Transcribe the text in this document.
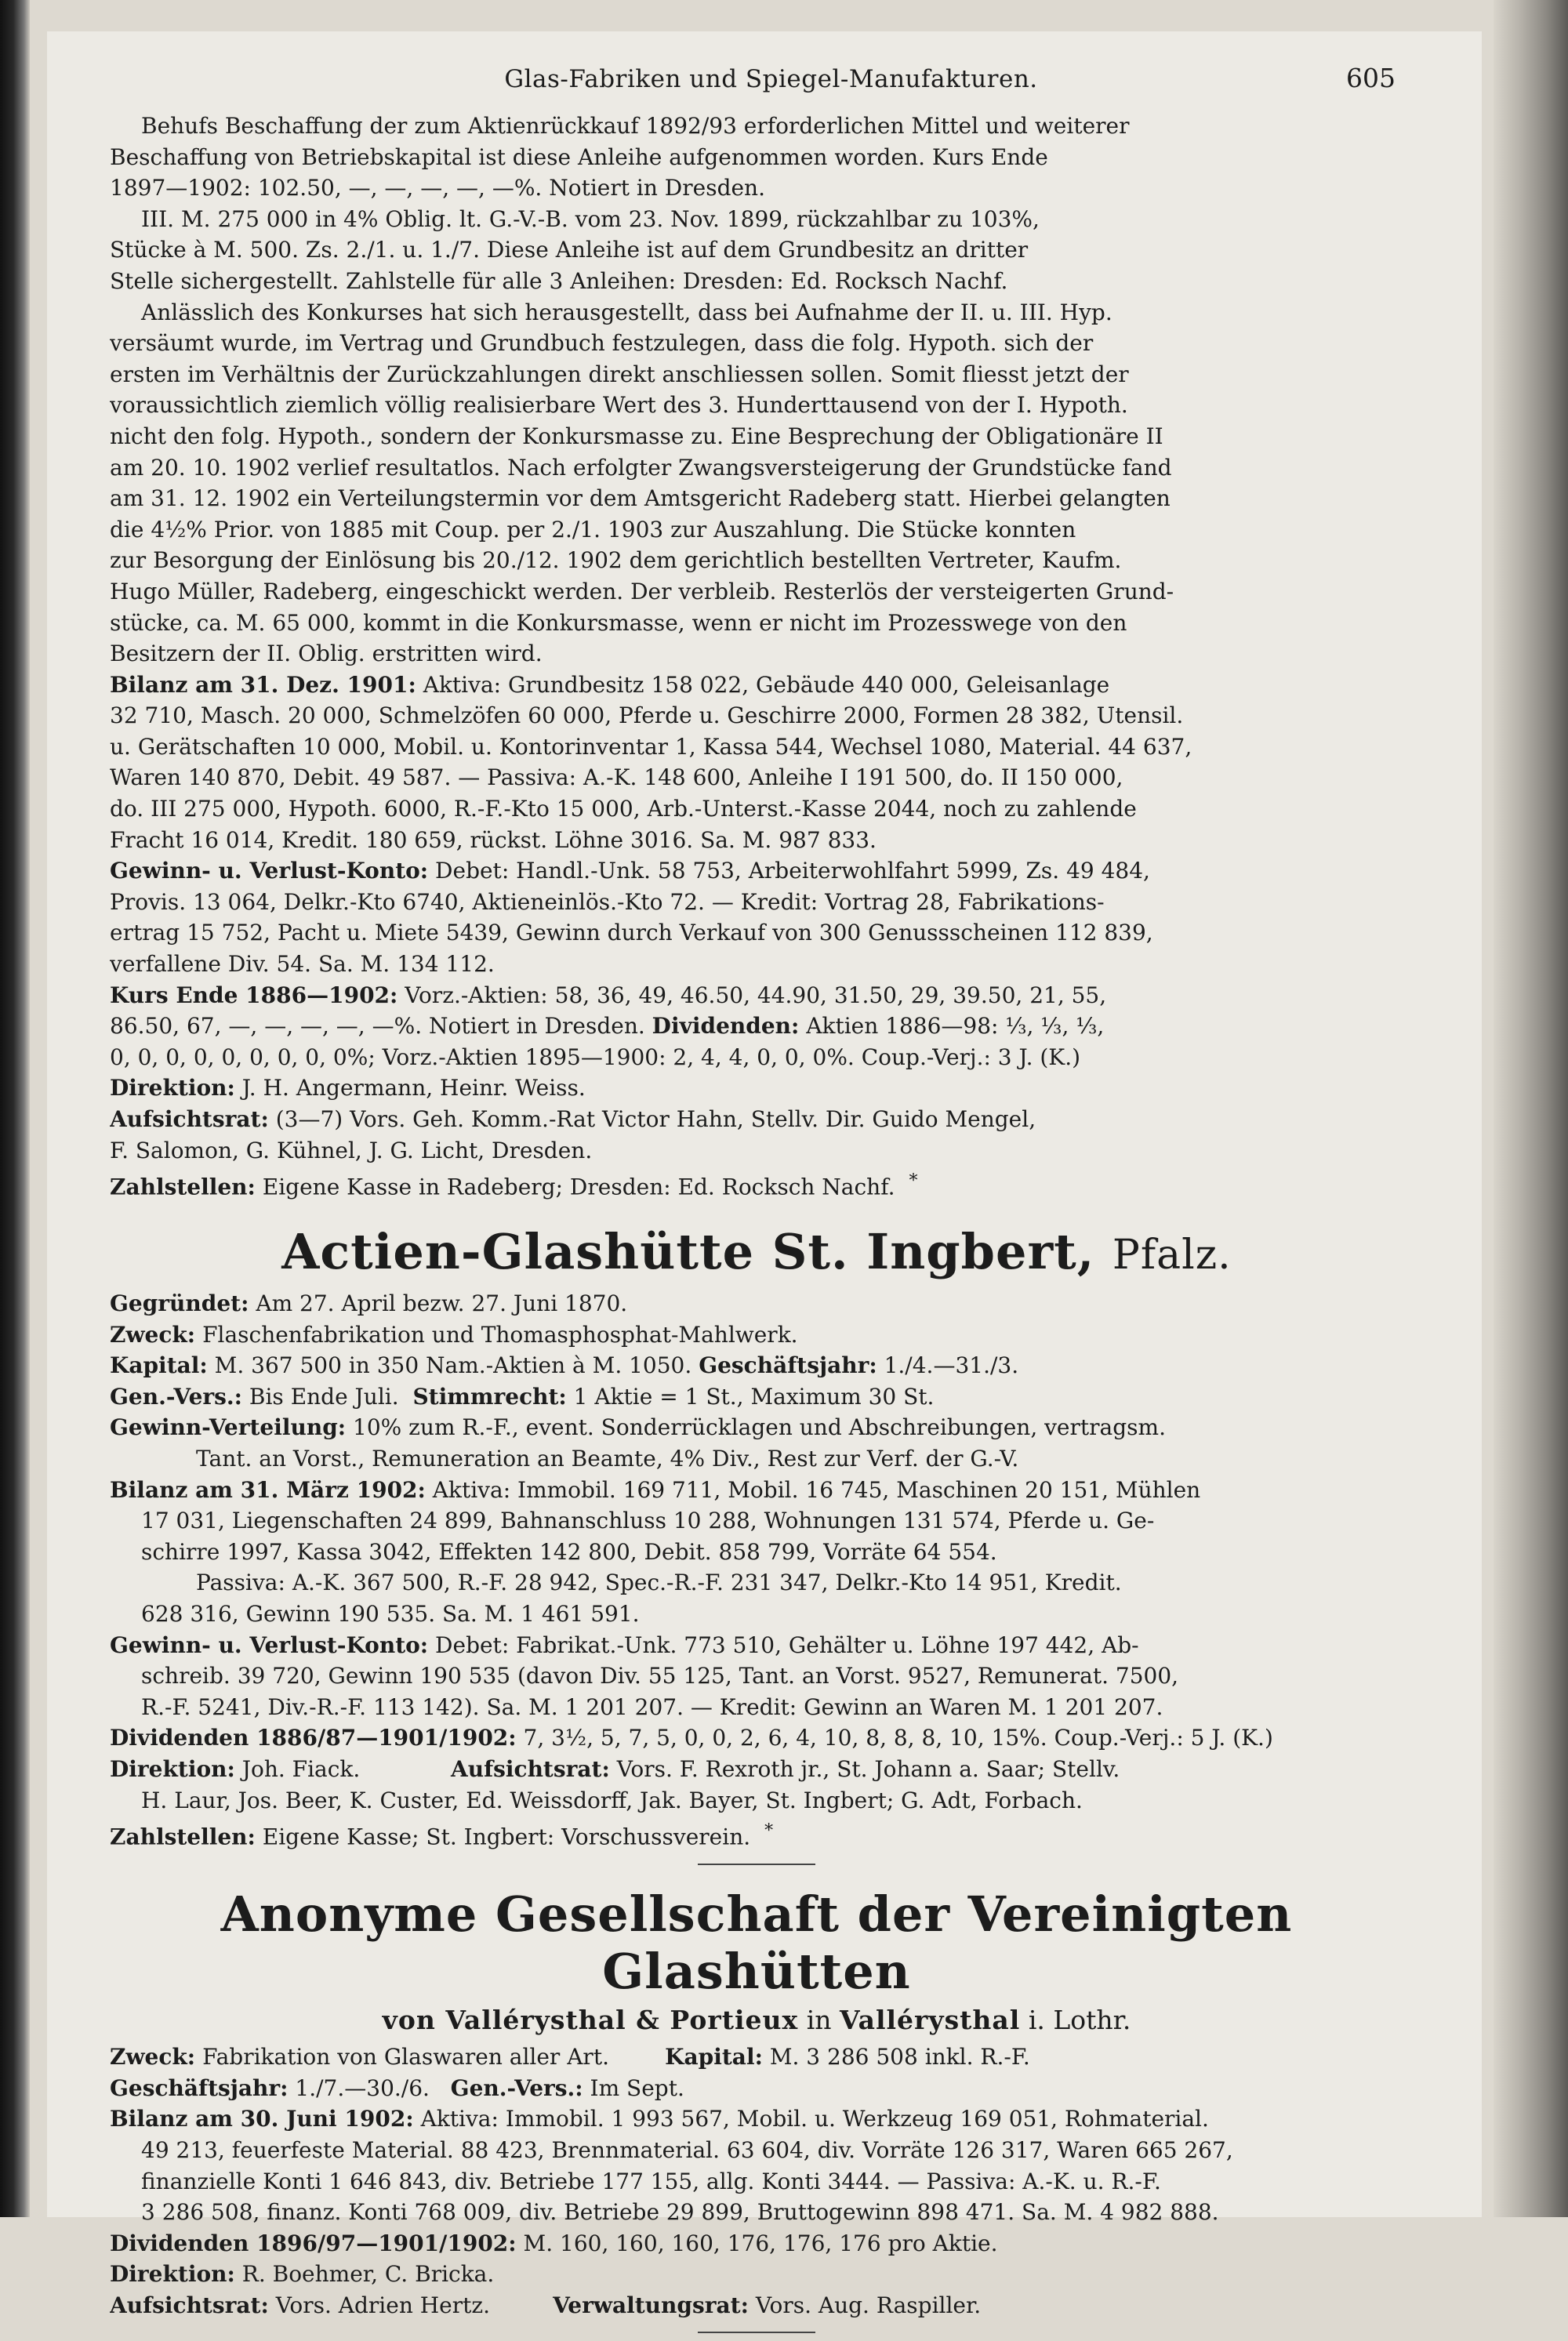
Glas-Fabriken und Spiegel-Manufakturen.	605
Behufs Beschaffung der zum Aktienrückkauf 1892/93 erforderlichen Mittel und weiterer
Beschaffung von Betriebskapital ist diese Anleihe aufgenommen worden. Kurs Ende
1897—1902: 102.50, —, —, —, —, —%. Notiert in Dresden.
III. M. 275 000 in 4% Oblig. lt. G.-V.-B. vom 23. Nov. 1899, rückzahlbar zu 103%,
Stücke à M. 500. Zs. 2./1. u. 1./7. Diese Anleihe ist auf dem Grundbesitz an dritter
Stelle sichergestellt. Zahlstelle für alle 3 Anleihen: Dresden: Ed. Rocksch Nachf.
Anlässlich des Konkurses hat sich herausgestellt, dass bei Aufnahme der II. u. III. Hyp.
versäumt wurde, im Vertrag und Grundbuch festzulegen, dass die folg. Hypoth. sich der
ersten im Verhältnis der Zurückzahlungen direkt anschliessen sollen. Somit fliesst jetzt der
voraussichtlich ziemlich völlig realisierbare Wert des 3. Hunderttausend von der I. Hypoth.
nicht den folg. Hypoth., sondern der Konkursmasse zu. Eine Besprechung der Obligationäre II
am 20. 10. 1902 verlief resultatlos. Nach erfolgter Zwangsversteigerung der Grundstücke fand
am 31. 12. 1902 ein Verteilungstermin vor dem Amtsgericht Radeberg statt. Hierbei gelangten
die 4½% Prior. von 1885 mit Coup. per 2./1. 1903 zur Auszahlung. Die Stücke konnten
zur Besorgung der Einlösung bis 20./12. 1902 dem gerichtlich bestellten Vertreter, Kaufm.
Hugo Müller, Radeberg, eingeschickt werden. Der verbleib. Resterlös der versteigerten Grund-
stücke, ca. M. 65 000, kommt in die Konkursmasse, wenn er nicht im Prozesswege von den
Besitzern der II. Oblig. erstritten wird.
Bilanz am 31. Dez. 1901: Aktiva: Grundbesitz 158 022, Gebäude 440 000, Geleisanlage
32 710, Masch. 20 000, Schmelzöfen 60 000, Pferde u. Geschirre 2000, Formen 28 382, Utensil.
u. Gerätschaften 10 000, Mobil. u. Kontorinventar 1, Kassa 544, Wechsel 1080, Material. 44 637,
Waren 140 870, Debit. 49 587. — Passiva: A.-K. 148 600, Anleihe I 191 500, do. II 150 000,
do. III 275 000, Hypoth. 6000, R.-F.-Kto 15 000, Arb.-Unterst.-Kasse 2044, noch zu zahlende
Fracht 16 014, Kredit. 180 659, rückst. Löhne 3016. Sa. M. 987 833.
Gewinn- u. Verlust-Konto: Debet: Handl.-Unk. 58 753, Arbeiterwohlfahrt 5999, Zs. 49 484,
Provis. 13 064, Delkr.-Kto 6740, Aktieneinlös.-Kto 72. — Kredit: Vortrag 28, Fabrikations-
ertrag 15 752, Pacht u. Miete 5439, Gewinn durch Verkauf von 300 Genussscheinen 112 839,
verfallene Div. 54. Sa. M. 134 112.
Kurs Ende 1886—1902: Vorz.-Aktien: 58, 36, 49, 46.50, 44.90, 31.50, 29, 39.50, 21, 55,
86.50, 67, —, —, —, —, —%. Notiert in Dresden. Dividenden: Aktien 1886—98: ⅓, ⅓, ⅓,
0, 0, 0, 0, 0, 0, 0, 0, 0%; Vorz.-Aktien 1895—1900: 2, 4, 4, 0, 0, 0%. Coup.-Verj.: 3 J. (K.)
Direktion: J. H. Angermann, Heinr. Weiss.
Aufsichtsrat: (3—7) Vors. Geh. Komm.-Rat Victor Hahn, Stellv. Dir. Guido Mengel,
F. Salomon, G. Kühnel, J. G. Licht, Dresden.
Zahlstellen: Eigene Kasse in Radeberg; Dresden: Ed. Rocksch Nachf. *
Actien-Glashütte St. Ingbert, Pfalz.
Gegründet: Am 27. April bezw. 27. Juni 1870.
Zweck: Flaschenfabrikation und Thomasphosphat-Mahlwerk.
Kapital: M. 367 500 in 350 Nam.-Aktien à M. 1050. Geschäftsjahr: 1./4.—31./3.
Gen.-Vers.: Bis Ende Juli. Stimmrecht: 1 Aktie = 1 St., Maximum 30 St.
Gewinn-Verteilung: 10% zum R.-F., event. Sonderrücklagen und Abschreibungen, vertragsm.
Tant. an Vorst., Remuneration an Beamte, 4% Div., Rest zur Verf. der G.-V.
Bilanz am 31. März 1902: Aktiva: Immobil. 169 711, Mobil. 16 745, Maschinen 20 151, Mühlen
17 031, Liegenschaften 24 899, Bahnanschluss 10 288, Wohnungen 131 574, Pferde u. Ge-
schirre 1997, Kassa 3042, Effekten 142 800, Debit. 858 799, Vorräte 64 554.
Passiva: A.-K. 367 500, R.-F. 28 942, Spec.-R.-F. 231 347, Delkr.-Kto 14 951, Kredit.
628 316, Gewinn 190 535. Sa. M. 1 461 591.
Gewinn- u. Verlust-Konto: Debet: Fabrikat.-Unk. 773 510, Gehälter u. Löhne 197 442, Ab-
schreib. 39 720, Gewinn 190 535 (davon Div. 55 125, Tant. an Vorst. 9527, Remunerat. 7500,
R.-F. 5241, Div.-R.-F. 113 142). Sa. M. 1 201 207. — Kredit: Gewinn an Waren M. 1 201 207.
Dividenden 1886/87—1901/1902: 7, 3½, 5, 7, 5, 0, 0, 2, 6, 4, 10, 8, 8, 8, 10, 15%. Coup.-Verj.: 5 J. (K.)
Direktion: Joh. Fiack.	Aufsichtsrat: Vors. F. Rexroth jr., St. Johann a. Saar; Stellv.
H. Laur, Jos. Beer, K. Custer, Ed. Weissdorff, Jak. Bayer, St. Ingbert; G. Adt, Forbach.
Zahlstellen: Eigene Kasse; St. Ingbert: Vorschussverein. *
Anonyme Gesellschaft der Vereinigten Glashütten
von Vallérysthal & Portieux in Vallérysthal i. Lothr.
Zweck: Fabrikation von Glaswaren aller Art.	Kapital: M. 3 286 508 inkl. R.-F.
Geschäftsjahr: 1./7.—30./6. Gen.-Vers.: Im Sept.
Bilanz am 30. Juni 1902: Aktiva: Immobil. 1 993 567, Mobil. u. Werkzeug 169 051, Rohmaterial.
49 213, feuerfeste Material. 88 423, Brennmaterial. 63 604, div. Vorräte 126 317, Waren 665 267,
finanzielle Konti 1 646 843, div. Betriebe 177 155, allg. Konti 3444. — Passiva: A.-K. u. R.-F.
3 286 508, finanz. Konti 768 009, div. Betriebe 29 899, Bruttogewinn 898 471. Sa. M. 4 982 888.
Dividenden 1896/97—1901/1902: M. 160, 160, 160, 176, 176, 176 pro Aktie.
Direktion: R. Boehmer, C. Bricka.
Aufsichtsrat: Vors. Adrien Hertz.	Verwaltungsrat: Vors. Aug. Raspiller.
